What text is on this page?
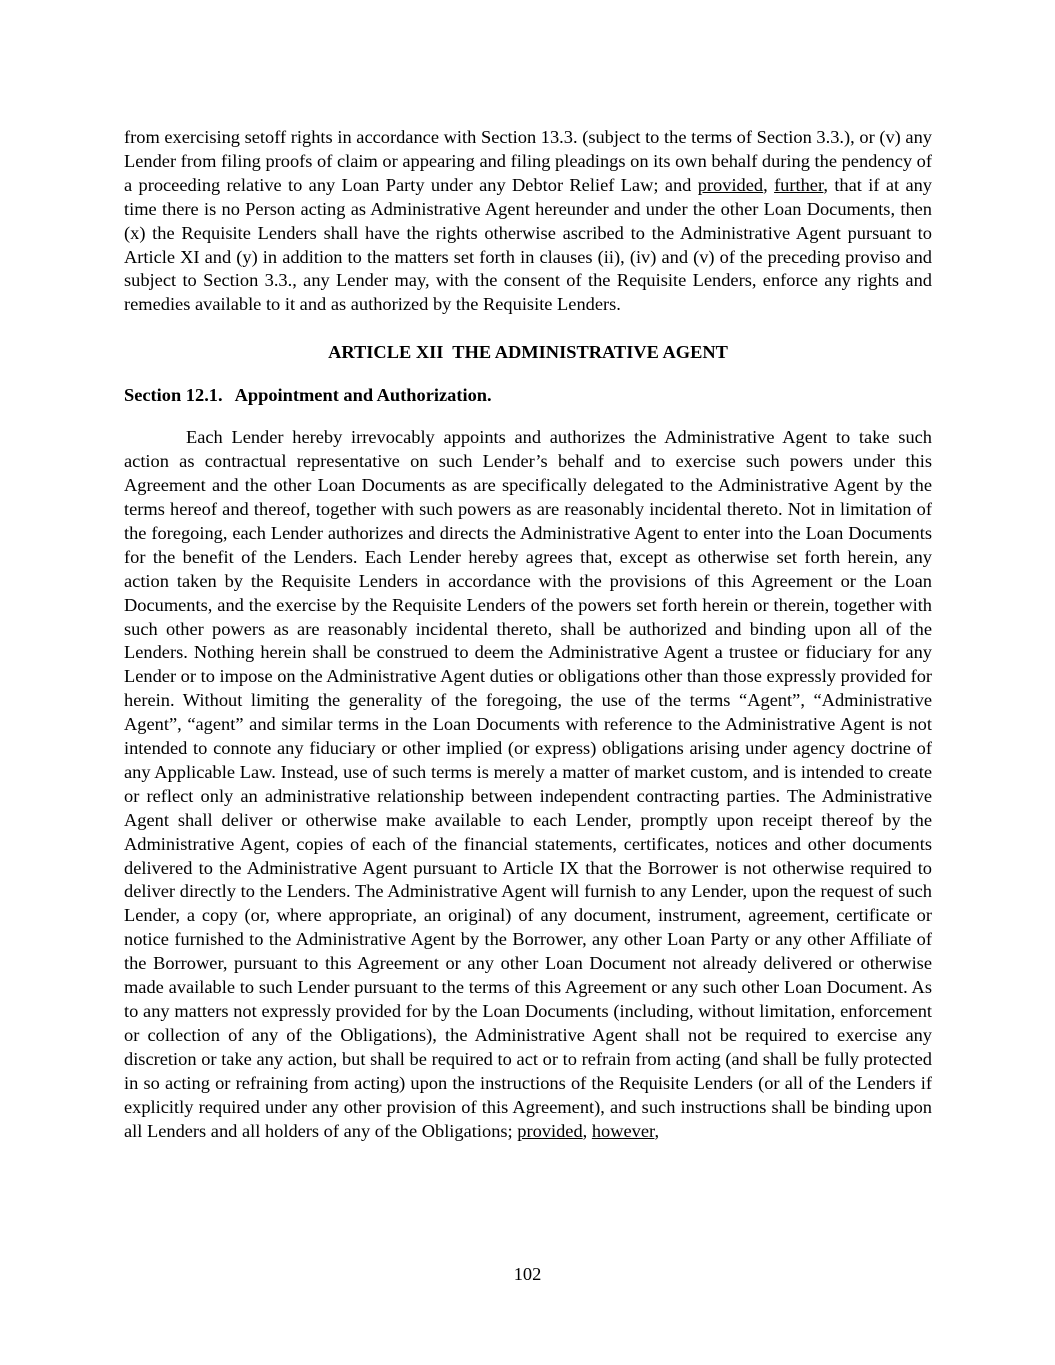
from exercising setoff rights in accordance with Section 13.3. (subject to the terms of Section 3.3.), or (v) any Lender from filing proofs of claim or appearing and filing pleadings on its own behalf during the pendency of a proceeding relative to any Loan Party under any Debtor Relief Law; and provided, further, that if at any time there is no Person acting as Administrative Agent hereunder and under the other Loan Documents, then (x) the Requisite Lenders shall have the rights otherwise ascribed to the Administrative Agent pursuant to Article XI and (y) in addition to the matters set forth in clauses (ii), (iv) and (v) of the preceding proviso and subject to Section 3.3., any Lender may, with the consent of the Requisite Lenders, enforce any rights and remedies available to it and as authorized by the Requisite Lenders.

ARTICLE XII  THE ADMINISTRATIVE AGENT
Section 12.1. Appointment and Authorization.

Each Lender hereby irrevocably appoints and authorizes the Administrative Agent to take such action as contractual representative on such Lender’s behalf and to exercise such powers under this Agreement and the other Loan Documents as are specifically delegated to the Administrative Agent by the terms hereof and thereof, together with such powers as are reasonably incidental thereto. Not in limitation of the foregoing, each Lender authorizes and directs the Administrative Agent to enter into the Loan Documents for the benefit of the Lenders. Each Lender hereby agrees that, except as otherwise set forth herein, any action taken by the Requisite Lenders in accordance with the provisions of this Agreement or the Loan Documents, and the exercise by the Requisite Lenders of the powers set forth herein or therein, together with such other powers as are reasonably incidental thereto, shall be authorized and binding upon all of the Lenders. Nothing herein shall be construed to deem the Administrative Agent a trustee or fiduciary for any Lender or to impose on the Administrative Agent duties or obligations other than those expressly provided for herein. Without limiting the generality of the foregoing, the use of the terms “Agent”, “Administrative Agent”, “agent” and similar terms in the Loan Documents with reference to the Administrative Agent is not intended to connote any fiduciary or other implied (or express) obligations arising under agency doctrine of any Applicable Law. Instead, use of such terms is merely a matter of market custom, and is intended to create or reflect only an administrative relationship between independent contracting parties. The Administrative Agent shall deliver or otherwise make available to each Lender, promptly upon receipt thereof by the Administrative Agent, copies of each of the financial statements, certificates, notices and other documents delivered to the Administrative Agent pursuant to Article IX that the Borrower is not otherwise required to deliver directly to the Lenders. The Administrative Agent will furnish to any Lender, upon the request of such Lender, a copy (or, where appropriate, an original) of any document, instrument, agreement, certificate or notice furnished to the Administrative Agent by the Borrower, any other Loan Party or any other Affiliate of the Borrower, pursuant to this Agreement or any other Loan Document not already delivered or otherwise made available to such Lender pursuant to the terms of this Agreement or any such other Loan Document. As to any matters not expressly provided for by the Loan Documents (including, without limitation, enforcement or collection of any of the Obligations), the Administrative Agent shall not be required to exercise any discretion or take any action, but shall be required to act or to refrain from acting (and shall be fully protected in so acting or refraining from acting) upon the instructions of the Requisite Lenders (or all of the Lenders if explicitly required under any other provision of this Agreement), and such instructions shall be binding upon all Lenders and all holders of any of the Obligations; provided, however,

102
